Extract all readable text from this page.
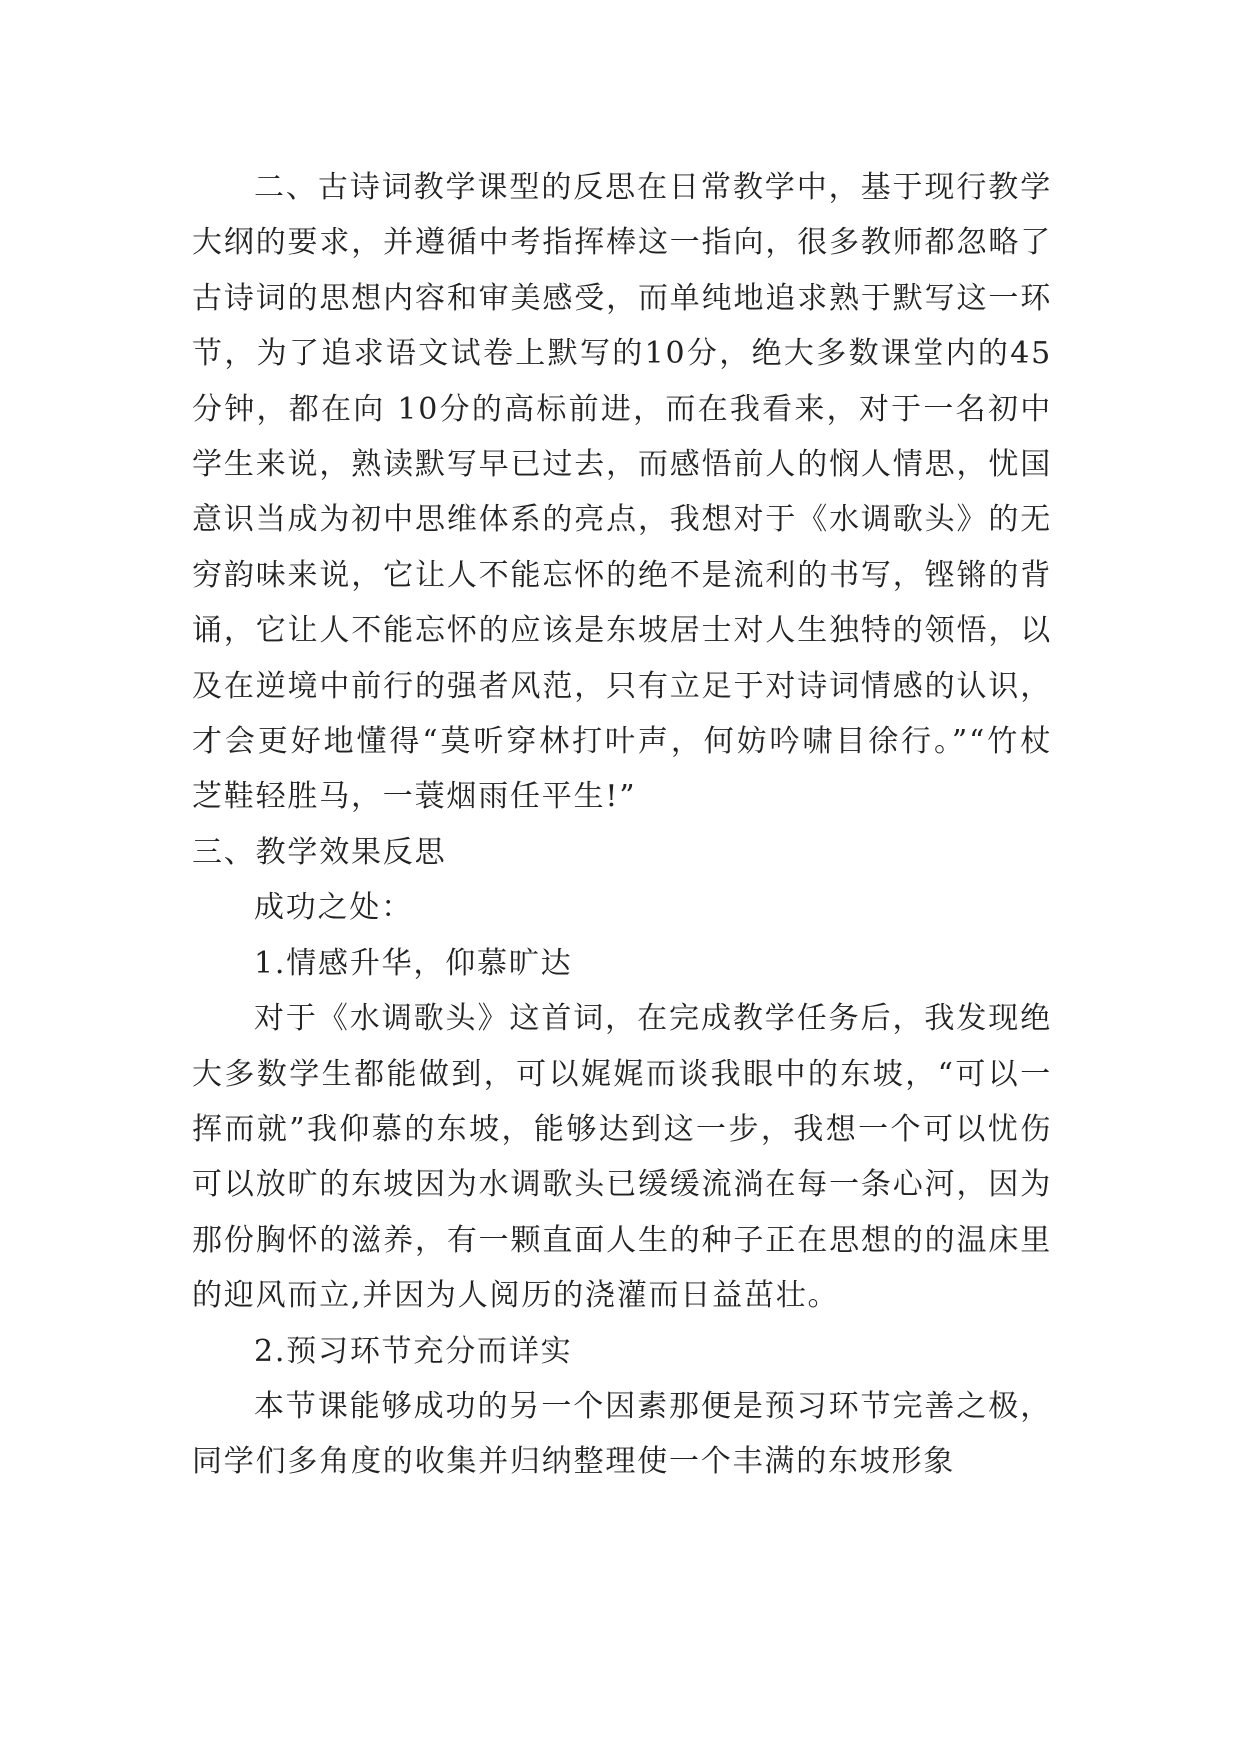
二、古诗词教学课型的反思在日常教学中，基于现行教学大纲的要求，并遵循中考指挥棒这一指向，很多教师都忽略了古诗词的思想内容和审美感受，而单纯地追求熟于默写这一环节，为了追求语文试卷上默写的10分，绝大多数课堂内的45分钟，都在向 10分的高标前进，而在我看来，对于一名初中学生来说，熟读默写早已过去，而感悟前人的悯人情思，忧国意识当成为初中思维体系的亮点，我想对于《水调歌头》的无穷韵味来说，它让人不能忘怀的绝不是流利的书写，铿锵的背诵，它让人不能忘怀的应该是东坡居士对人生独特的领悟，以及在逆境中前行的强者风范，只有立足于对诗词情感的认识，才会更好地懂得“莫听穿林打叶声，何妨吟啸目徐行。”“竹杖芝鞋轻胜马，一蓑烟雨任平生!”

三、教学效果反思

成功之处：

1.情感升华，仰慕旷达

对于《水调歌头》这首词，在完成教学任务后，我发现绝大多数学生都能做到，可以娓娓而谈我眼中的东坡，“可以一挥而就”我仰慕的东坡，能够达到这一步，我想一个可以忧伤可以放旷的东坡因为水调歌头已缓缓流淌在每一条心河，因为那份胸怀的滋养，有一颗直面人生的种子正在思想的的温床里的迎风而立,并因为人阅历的浇灌而日益茁壮。

2.预习环节充分而详实

本节课能够成功的另一个因素那便是预习环节完善之极，同学们多角度的收集并归纳整理使一个丰满的东坡形象
